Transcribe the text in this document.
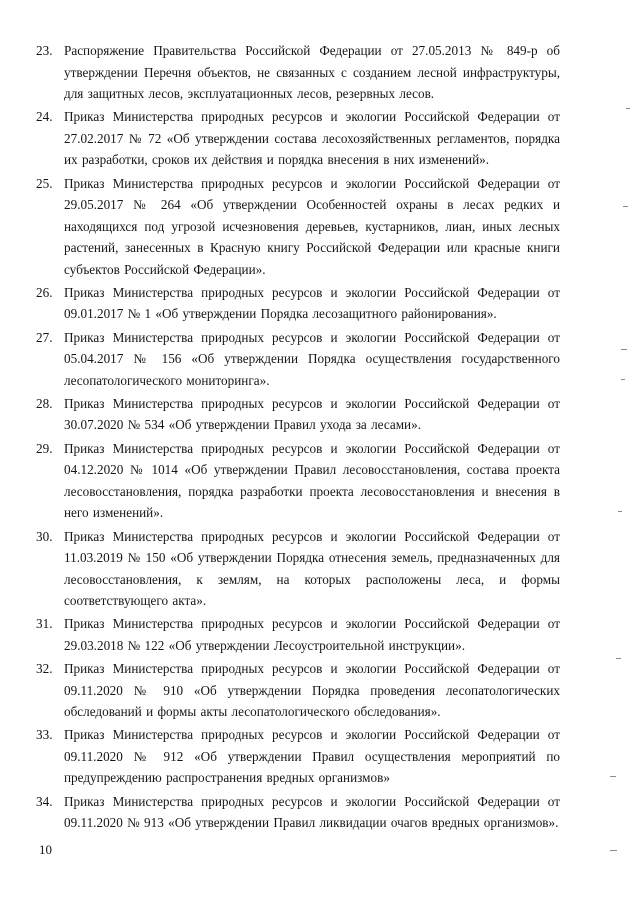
23. Распоряжение Правительства Российской Федерации от 27.05.2013 № 849-р об утверждении Перечня объектов, не связанных с созданием лесной инфраструктуры, для защитных лесов, эксплуатационных лесов, резервных лесов.
24. Приказ Министерства природных ресурсов и экологии Российской Федерации от 27.02.2017 № 72 «Об утверждении состава лесохозяйственных регламентов, порядка их разработки, сроков их действия и порядка внесения в них изменений».
25. Приказ Министерства природных ресурсов и экологии Российской Федерации от 29.05.2017 № 264 «Об утверждении Особенностей охраны в лесах редких и находящихся под угрозой исчезновения деревьев, кустарников, лиан, иных лесных растений, занесенных в Красную книгу Российской Федерации или красные книги субъектов Российской Федерации».
26. Приказ Министерства природных ресурсов и экологии Российской Федерации от 09.01.2017 № 1 «Об утверждении Порядка лесозащитного районирования».
27. Приказ Министерства природных ресурсов и экологии Российской Федерации от 05.04.2017 № 156 «Об утверждении Порядка осуществления государственного лесопатологического мониторинга».
28. Приказ Министерства природных ресурсов и экологии Российской Федерации от 30.07.2020 № 534 «Об утверждении Правил ухода за лесами».
29. Приказ Министерства природных ресурсов и экологии Российской Федерации от 04.12.2020 № 1014 «Об утверждении Правил лесовосстановления, состава проекта лесовосстановления, порядка разработки проекта лесовосстановления и внесения в него изменений».
30. Приказ Министерства природных ресурсов и экологии Российской Федерации от 11.03.2019 № 150 «Об утверждении Порядка отнесения земель, предназначенных для лесовосстановления, к землям, на которых расположены леса, и формы соответствующего акта».
31. Приказ Министерства природных ресурсов и экологии Российской Федерации от 29.03.2018 № 122 «Об утверждении Лесоустроительной инструкции».
32. Приказ Министерства природных ресурсов и экологии Российской Федерации от 09.11.2020 № 910 «Об утверждении Порядка проведения лесопатологических обследований и формы акты лесопатологического обследования».
33. Приказ Министерства природных ресурсов и экологии Российской Федерации от 09.11.2020 № 912 «Об утверждении Правил осуществления мероприятий по предупреждению распространения вредных организмов»
34. Приказ Министерства природных ресурсов и экологии Российской Федерации от 09.11.2020 № 913 «Об утверждении Правил ликвидации очагов вредных организмов».
10
